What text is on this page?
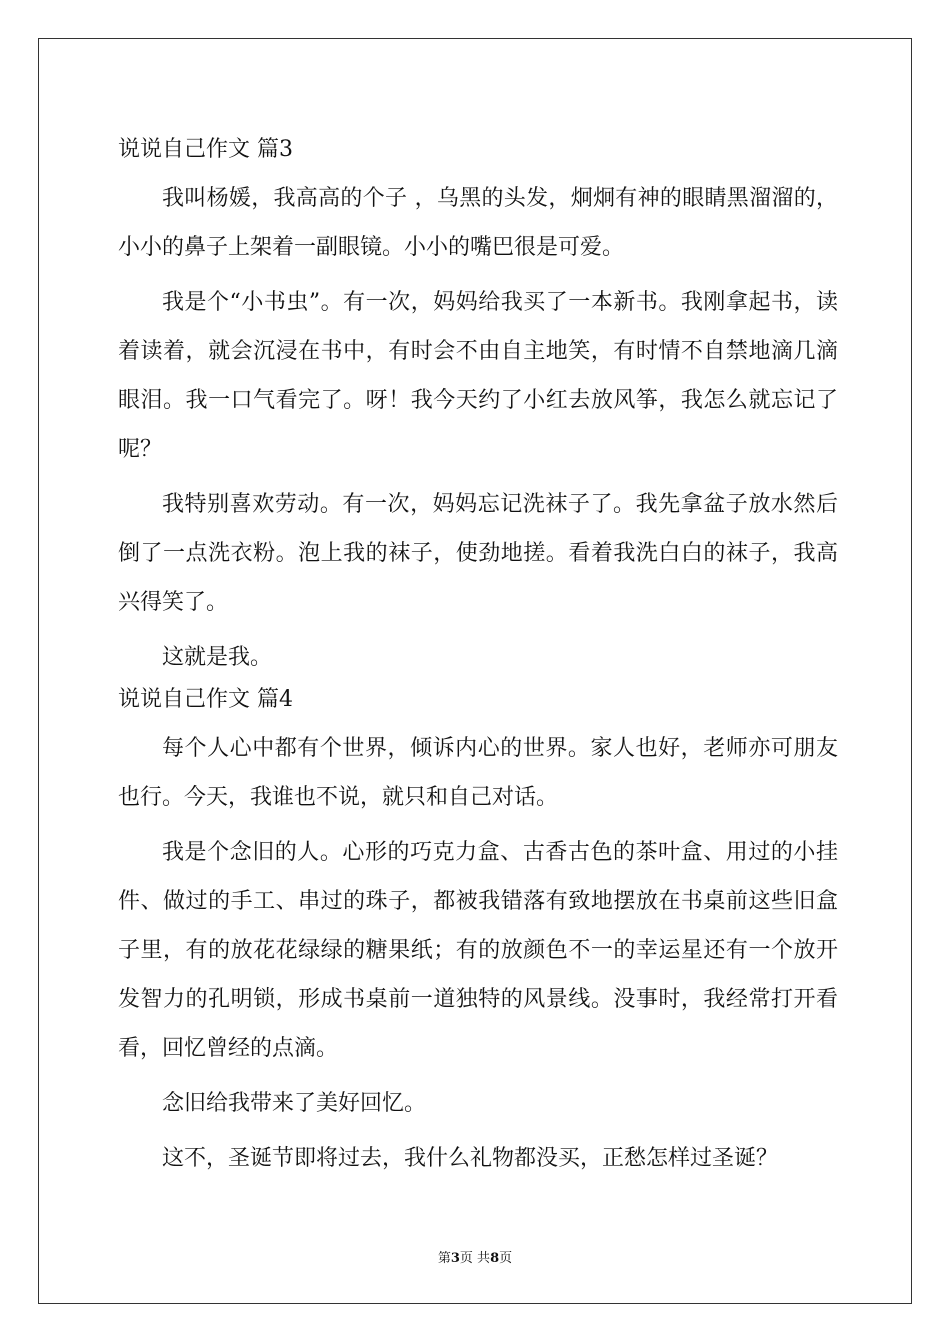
说说自己作文 篇3

我叫杨媛，我高高的个子 ，乌黑的头发，炯炯有神的眼睛黑溜溜的，小小的鼻子上架着一副眼镜。小小的嘴巴很是可爱。

我是个“小书虫”。有一次，妈妈给我买了一本新书。我刚拿起书，读着读着，就会沉浸在书中，有时会不由自主地笑，有时情不自禁地滴几滴眼泪。我一口气看完了。呀！我今天约了小红去放风筝，我怎么就忘记了呢？

我特别喜欢劳动。有一次，妈妈忘记洗袜子了。我先拿盆子放水然后倒了一点洗衣粉。泡上我的袜子，使劲地搓。看着我洗白白的袜子，我高兴得笑了。

这就是我。

说说自己作文 篇4

每个人心中都有个世界，倾诉内心的世界。家人也好，老师亦可朋友也行。今天，我谁也不说，就只和自己对话。

我是个念旧的人。心形的巧克力盒、古香古色的茶叶盒、用过的小挂件、做过的手工、串过的珠子，都被我错落有致地摆放在书桌前这些旧盒子里，有的放花花绿绿的糖果纸；有的放颜色不一的幸运星还有一个放开发智力的孔明锁，形成书桌前一道独特的风景线。没事时，我经常打开看看，回忆曾经的点滴。

念旧给我带来了美好回忆。

这不，圣诞节即将过去，我什么礼物都没买，正愁怎样过圣诞？

第3页 共8页
